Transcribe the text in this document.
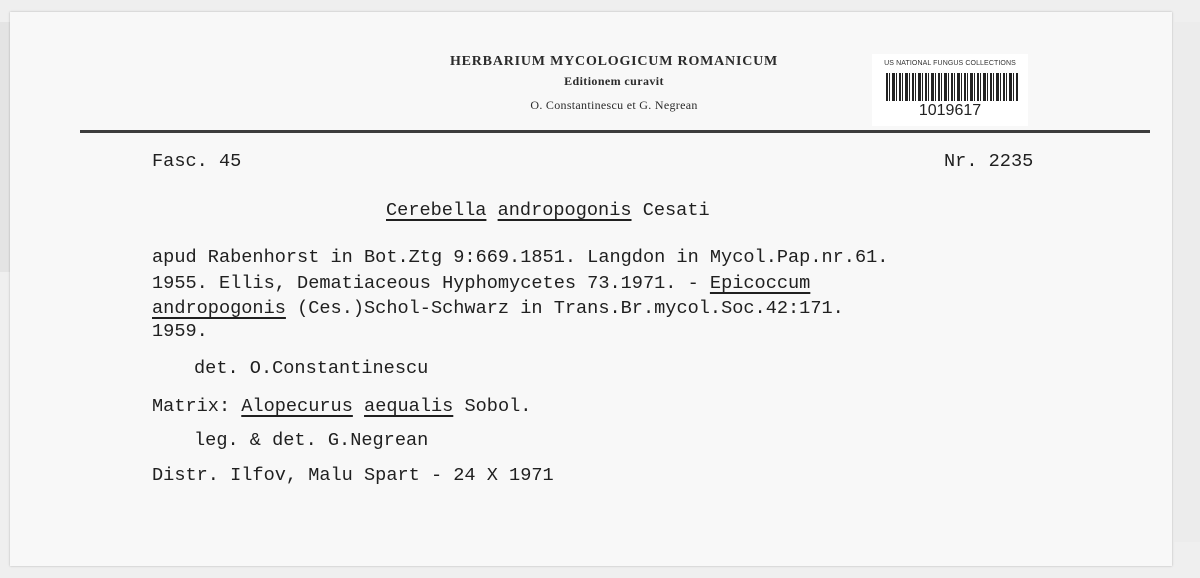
HERBARIUM MYCOLOGICUM ROMANICUM
Editionem curavit
O. Constantinescu et G. Negrean
US NATIONAL FUNGUS COLLECTIONS
1019617
Fasc. 45	Nr. 2235
Cerebella andropogonis Cesati
apud Rabenhorst in Bot.Ztg 9:669.1851. Langdon in Mycol.Pap.nr.61.
1955. Ellis, Dematiaceous Hyphomycetes 73.1971. - Epicoccum
andropogonis (Ces.)Schol-Schwarz in Trans.Br.mycol.Soc.42:171.
1959.
det. O.Constantinescu
Matrix: Alopecurus aequalis Sobol.
leg. & det. G.Negrean
Distr. Ilfov, Malu Spart - 24 X 1971
